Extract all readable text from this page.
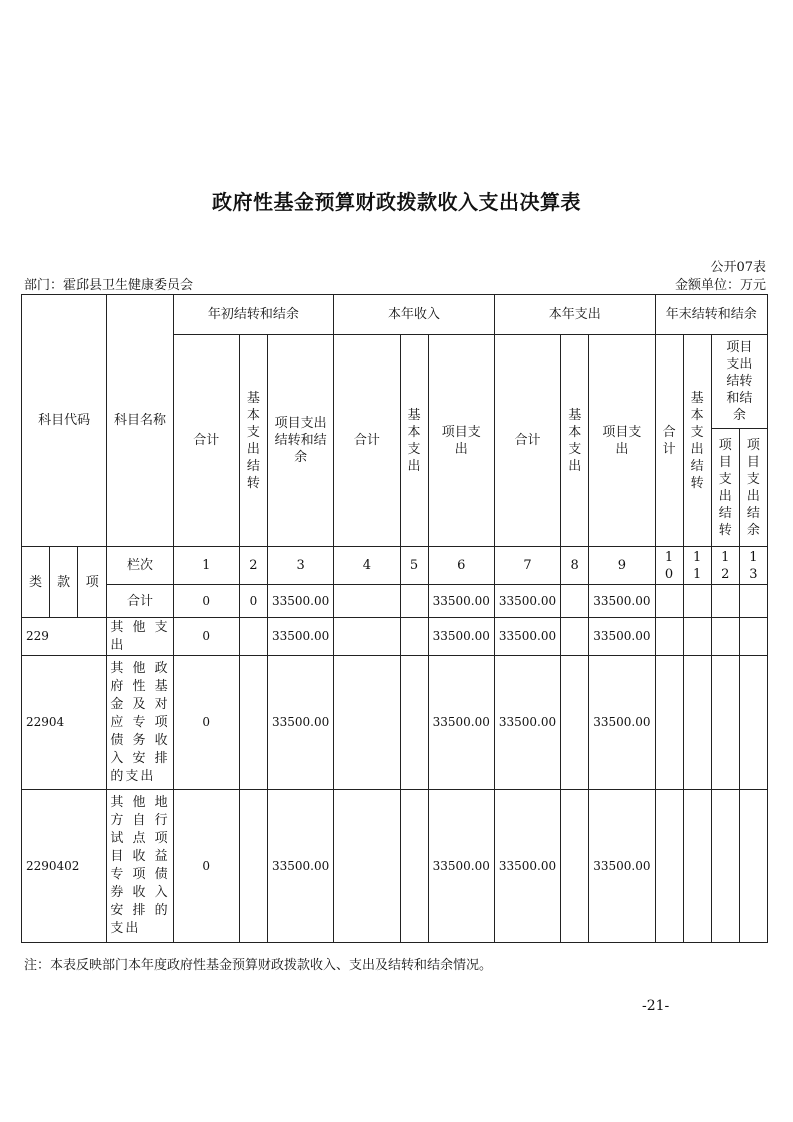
政府性基金预算财政拨款收入支出决算表
公开07表
部门：霍邱县卫生健康委员会	金额单位：万元
科目代码			科目名称	年初结转和结余			本年收入			本年支出			年末结转和结余			
				合计	基本支出结转	项目支出结转和结余	合计	基本支出	项目支出	合计	基本支出	项目支出	合计	基本支出结转	项目支出结转和结余	
															项目支出结转	项目支出结余
类	款	项	栏次	1	2	3	4	5	6	7	8	9	10	11	12	13
			合计	0	0	33500.00			33500.00	33500.00		33500.00				
229			其他支出	0		33500.00			33500.00	33500.00		33500.00				
22904			其他政府性基金及对应专项债务收入安排的支出	0		33500.00			33500.00	33500.00		33500.00				
2290402			其他地方自行试点项目收益专项债券收入安排的支出	0		33500.00			33500.00	33500.00		33500.00				
注：本表反映部门本年度政府性基金预算财政拨款收入、支出及结转和结余情况。
-21-
